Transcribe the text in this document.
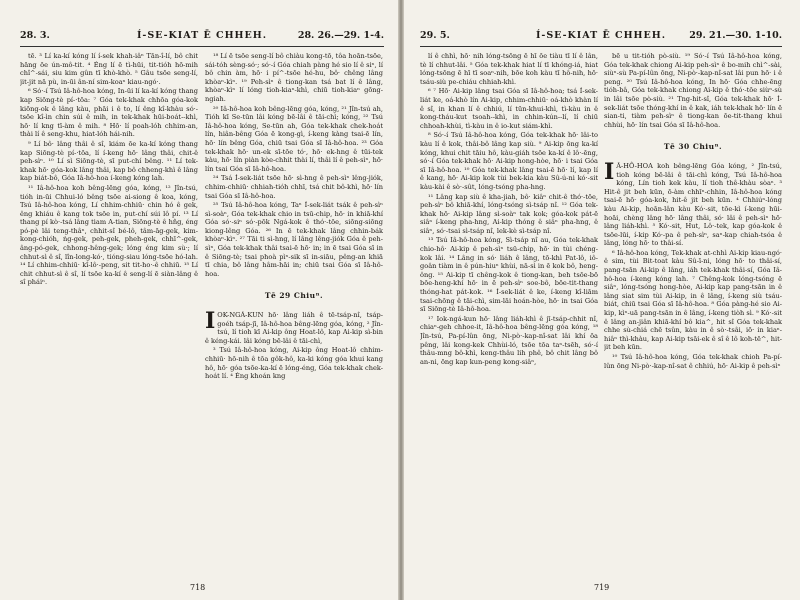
28. 3.	Í-SE-KIAT Ē CHHEH.	28. 26.—29. 1-4.

tē. ³ Lí ka-kí kóng lí í-sek khah-iâⁿ Tān-î-lí, bô chit hāng ōe ún-mô-tit. ⁴ Éng lí ē tì-hūi, tit-tióh hō-mih chî^-sái, siu kim gûn tī khò-khò. ⁵ Gâu tsōe seng-lí, jit-jit nā pù, in-ūi ân-ní sim-koaⁿ kiau-ngó·.

⁶ Só·-í Tsú Iâ-hô-hoa kóng, In-ūi lí ka-kí kóng thang kap Siōng-tè pí-·tōa: ⁷ Góa tek-khak chhōa góa-kok kiōng-ok ê lâng kàu, phāi i ê to, lí êng kî-khàu só·-tsōe kî-ìn chin súi ê mih, in tek-khak hūi-boát--khì, hō· lí kng tī-àm ê mih. ⁸ Hō· lí poah-lóh chhim-an, thài lí ê seng-khu, hiat-lóh hái-nih.

⁹ Lí bô· lâng thâi ê sî, kiám ōe ka-kí kóng thang kap Siōng-tè pí-·tōa, lí í-keng hō· lâng thâi, chit-ê peh-sìⁿ. ¹⁰ Lí sì Siōng-tè, sī put-chí bêng. ¹¹ Lí tek-khak hō· góa-kok lâng thâi, kap bô chheng-khì ê lâng kap biát-bô, Góa Iâ-hô-hoa í-keng kóng lah.

¹¹ Iâ-hô-hoa koh bêng-lēng góa, kóng, ¹² Jîn-tsú, tióh in-ūi Chhui-ló bêng tsōe ai-siong ê koa, kóng, Tsú Iâ-hô-hoa kóng, Lí chhim-chhiū· chin hó ê gek, êng khiáu ê kang tok tsōe in, put-chí súi lô pí. ¹³ Lí thang pí kò·-tsá lâng tiam A-tian, Siōng-tè ê hn̂g, éng pó-pè lâi teng-thâⁿ, chhit-sî bé-lô, tâm-āg-gek, kim-kong-chióh, ṅg-gek, peh-gek, pheh-gek, chhī^-gek, âng-pó-gek, chhong-hêng-gek; lóng éng kim sù·; lí chhut-sì ê sî, lîn-long-kó·, tióng-siau lóng-tsōe hó-lah. ¹⁴ Lí chhim-chhiū· kî-lô·-peng, sit tit-ho·-ê chhiū. ¹⁵ Lí chit chhut-sì ê sî, lí tsōe ka-kí ê seng-lí ē siàn-lâng ê sî pháiⁿ.

¹⁸ Lí ē tsōe seng-lí bô chiàu kong-tō, tôa hoān-tsōe, sái-tóh sèng-só·; só·-í Góa chiah pàng hé sio lí ê siⁿ, lí bô chin àm, hō· i pí^-tsōe hé-hu, bô· chêng lâng khòaⁿ-kìⁿ. ¹⁹ Peh-sìⁿ ê tiong-kan tsá bat lí ê lâng, khòaⁿ-kìⁿ lí lóng tioh-kiaⁿ-khì, chiū tioh-kiaⁿ gōng-ngiah.

²⁰ Iâ-hô-hoa koh bêng-lēng góa, kóng, ²¹ Jîn-tsú ah, Tióh kī Se-tūn lâi kóng bē-lâi ê tāi-chì; kóng, ²² Tsú Iâ-hô-hoa kóng, Se-tūn ah, Góa tek-khak chek-hoát lín, hiân-bêng Góa ē kong-gì, í-keng kàng tsai-ē lín, hō· lín bêng Góa, chiū tsai Góa sī Iâ-hô-hoa. ²³ Góa tek-khak hō· un-ek sī-tōe tó·, hō· ek-hng ê tūi-tek kàu, hō· lín piàn kòe-chhit thài lí, thâi lí ê peh-sìⁿ, hō· lín tsai Góa sī Iâ-hô-hoa.

²⁴ Tsá Í-sek-liát tsōe hō· sì-hng ê peh-sìⁿ lêng-jiók, chhim-chhiū· chhiah-tióh chhī, tsá chit bô-khì, hō· lín tsai Góa sī Iâ-hô-hoa.

²⁵ Tsú Iâ-hô-hoa kóng, Taⁿ Í-sek-liát tsák ê peh-sìⁿ sì-soàⁿ, Góa tek-khak chio in tsū-chip, hō· in khiā-khí Góa só·-siⁿ só·-pōk Ngá-kok ê thó·-tōe, siōng-siōng kiong-lêng Góa. ²⁶ In ē tek-khak lâng chhin-bák khòaⁿ-kìⁿ. ²⁷ Tāi ti sì-hng, lí lâng lêng-jiók Góa ê peh-sìⁿ, Góa tek-khak thâi tsai-ē hō· in; in ē tsai Góa sī in ê Siōng-tè; tsai phoà pìⁿ-sik sī in-siāu, pêng-an khiā tī chia, bô lâng hâm-hāi in; chiū tsai Góa sī Iâ-hô-hoa.

Tē 29 Chiuⁿ.

IOK-NGÁ-KUN hō· lâng liáh ê tē-tsáp-nî, tsáp-goéh tsáp-jī, Iâ-hô-hoa bêng-lēng góa, kóng, ² Jîn-tsú, lí tioh kī Ai-kip ông Hoat-lô, kap Ai-kip sì-bin ê kéng-kái. lâi kóng bē-lâi ê tāi-chì,

³ Tsú Iâ-hô-hoa kóng, Ai-kip ông Hoat-lô chhim-chhiū· hō-nih ê tōa gôk-hô, ka-ki kóng góa khui kang hô, hō· góa tsōe-ka-kí ē lóng-éng, Góa tek-khak chek-hoát lí. ⁴ Éng khoán kng

718
29. 5.	Í-SE-KIAT Ē CHHEH.	29. 21.—30. 1-10.

lí ê chhì, hō· nih lóng-tsōng ē hī ōe tiàu tī lí ê lân, tè lí chhut-lâi. ⁵ Góa tek-khak hiat lí tī khóng-iá, hiat lóng-tsōng ē hī tī soaⁿ-nih, bōe koh kàu tī hô-nih, hō· tsáu-siù pe-chiáu chhiah-khì.

⁶ ⁷ Hō· Ai-kip lâng tsai Góa sī Iâ-hô-hoa; tsá Í-sek-liát ke, oá-khò lín Ai-kip, chhim-chhiū· oá-khò khàn lí ê sî, in khan lí ê chhiú, lí tūn-khui-khì, tì-kàu in ê kong-tháu-kut tsoah--khì, in chhin-kún--lí, lí chiū chhoah-khùi, tì-kàu in ê io-kut siám-khì.

⁸ Só·-í Tsú Iâ-hô-hoa kóng, Góa tek-khak hō· lâi-to kàu lí ê kok, thâi-bô lâng kap siù. ⁹ Ai-kip ōng ka-kí kóng, khui chit tāiu hô, kàu-giáh tsōe ka-kí ê lô·-ēng, só·-í Góa tek-khak hō· Ai-kip hong-hòe, hō· i tsai Góa sī Iâ-hô-hoa. ¹⁰ Góa tek-khak lâng tsai-ē hō· lí, kap lí ê kang, hō· Ai-kip kok tùi bek-kia kàu Sû-ú-ni kó·-sit kàu-kài ê sò·-sût, lóng-tsóng pha-hng.

¹¹ Lâng kap siù ê kha-jiah, bô· kiâⁿ chit-ê thó·-tōe, peh-sìⁿ bô khiā-khí, lóng-tsóng sì-tsáp nî. ¹² Góa tek-khak hō· Ai-kip lâng sì-soàⁿ tak kok; góa-kok pát-ē siâⁿ í-keng pha-hng, Ai-kip thóng ê siâⁿ pha-hng, ê siâⁿ, só·-tsai sì-tsáp nî, lek-kè sì-tsáp nî.

¹³ Tsú Iâ-hô-hoa kóng, Sì-tsáp nî au, Góa tek-khak chio-hô· Ai-kip ê peh-sìⁿ tsū-chip, hō· in tùi chéng-kok lâi. ¹⁴ Lâng in só· liáh ê lâng, tō-khì Pat-lô, iô-goân tiàm in ê pún-hiuⁿ khùi, nā-sì in ē kok bô, heng-ông. ¹⁵ Ai-kip tī chêng-kok ê tiong-kan, beh tsōe-bō bōe-heng-khí hō· in ē peh-sìⁿ soe-bô, bōe-tit-thang thóng-hat pát-kok. ¹⁶ Í-sek-liát ê ke, í-keng kî-liām tsai-chōng ê tāi-chì, sim-lāi hoán-hòe, hō· in tsai Góa sī Siōng-tè Iâ-hô-hoa.

¹⁷ Iok-ngá-kun hō· lâng liáh-khì ê jī-tsáp-chhit nî, chiaⁿ-geh chhoe-it, Iâ-hô-hoa bêng-lēng góa kóng, ¹⁸ Jîn-tsú, Pa-pí-lûn ōng, Ni-pò·-kap-nî-sat lâi khí ōa pêng, lâi kong-kek Chhùi-ló, tsōe tōa taⁿ-tsēh, só·-í thâu-mng bô-khì, keng-thâu lih phê, bô chit lâng bô an-ni, ōng kap kun-peng kong-siâⁿ,

bē u tit-tióh pò-siù. ¹⁹ Só·-í Tsú Iâ-hô-hoa kóng, Góa tek-khak chiong Ai-kip peh-sìⁿ ê bo-mih chì^-sài, siùⁿ-sù Pa-pí-lûn ōng, Ni-pò·-kap-nî-sat lâi pun hō· i ê peng. ²⁰ Tsú Iâ-hô-hoa kóng, In hō· Góa chhe-ēng tióh-bâ, Góa tek-khak chiong Ai-kip ê thó·-tōe siùⁿ-sù in lâi tsōe pò-siù. ²¹ Tng-hit-sî, Góa tek-khak hō· Í-sek-liát tsōe thóng-khí in ê kak, iáh tek-khak hō· lín ē sian-ti, tiàm peh-sìⁿ ê tiong-kan ōe-tit-thang khui chhùi, hō· lín tsai Góa sī Iâ-hô-hoa.

Tē 30 Chiuⁿ.

I Â-HÔ-HOA koh bêng-lēng Góa kóng, ² Jîn-tsú, tioh kóng bē-lâi ê tāi-chì kóng, Tsú Iâ-hô-hoa kóng, Lín tioh kek kàu, lí tioh thê-khàu sòaⁿ. ³ Hit-ê jit beh kūn, ō-àm chhīⁿ-chhin, Iâ-hô-hoa kóng tsai-ē hō· góa-kok, hit-ê jit beh kūn. ⁴ Chhiúⁿ-lóng kàu Ai-kip, hoān-lân kàu Kó·-sit, tōe-kì í-keng hūi-hoāi, chèng lâng hō· lâng thâi, só· lâi ê peh-sìⁿ hō· lâng liáh-khì. ⁵ Kó·-sit, Hut, Lô·-tek, kap góa-kok ê tsōe-lūi, í-kip Kó·-pa ê peh-sìⁿ, saⁿ-kap chiah-tsóa ê lâng, lóng hō· to thâi-sí.

⁶ Iâ-hô-hoa kóng, Tek-khak at-chhì Ai-kip kiau-ngó· ê sim, tùi Bit-toat kàu Sû-ī-ni, lóng hō· to thâi-sí, pang-tsān Ai-kip ê lâng, iáh tek-khak thâi-sí, Góa Iâ-hô-hoa í-keng kóng lah. ⁷ Chêng-kok lóng-tsóng ē siâⁿ, lóng-tsóng hong-hòe, Ai-kip kap pang-tsān in ê lâng siat sim tùi Ai-kip, in ê lâng, í-keng siù tsáu-biát, chiū tsai Góa sī Iâ-hô-hoa. ⁸ Góa pàng-hé sio Ai-kip, kìⁿ-uā pang-tsān in ê lâng, í-keng tiòh sì. ⁹ Kó·-sit ê lâng an-jiân khiā-khí bô kia^, hit sî Góa tek-khak chhe sù-chiá chē tsûn, kàu in ê sò·-tsâi, iō· in kiaⁿ-hiâⁿ thì-khàu, kap Ai-kip tsāi-ek ê sî ê lô koh-tē^, hit-jit beh kūn.

¹⁰ Tsú Iâ-hô-hoa kóng, Góa tek-khak chioh Pa-pí-lûn ōng Ni-pò·-kap-nî-sat ê chhiú, hō· Ai-kip ê peh-sìⁿ

719
